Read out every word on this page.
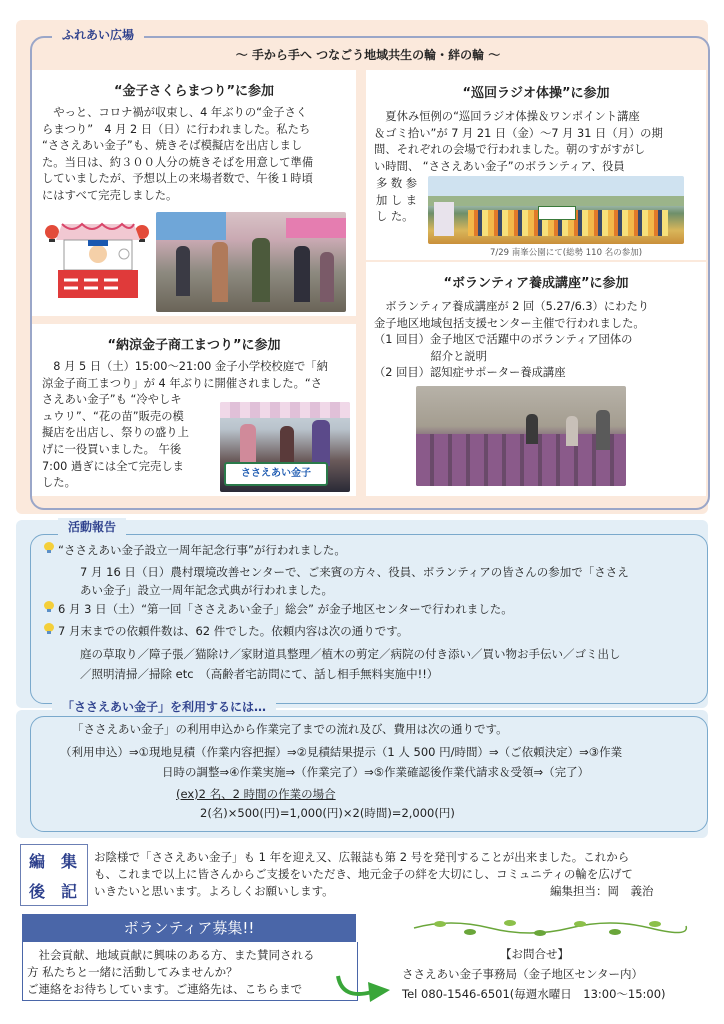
ふれあい広場
～ 手から手へ つなごう地域共生の輪・絆の輪 ～
“金子さくらまつり”に参加
　やっと、コロナ禍が収束し、4 年ぶりの“金子さく
らまつり”　4 月 2 日（日）に行われました。私たち
“ささえあい金子”も、焼きそば模擬店を出店しまし
た。当日は、約３００人分の焼きそばを用意して準備
していましたが、予想以上の来場者数で、午後１時頃
にはすべて完売しました。
“巡回ラジオ体操”に参加
　夏休み恒例の“巡回ラジオ体操＆ワンポイント講座
＆ゴミ拾い”が 7 月 21 日（金）～7 月 31 日（月）の期
間、それぞれの会場で行われました。朝のすがすがし
い時間、 “ささえあい金子”のボランティア、役員
多 数 参
加 し ま
し た。
7/29 南峯公園にて(総勢 110 名の参加)
“納涼金子商工まつり”に参加
　8 月 5 日（土）15:00～21:00 金子小学校校庭で「納
涼金子商工まつり」が 4 年ぶりに開催されました。“さ
さえあい金子”も “冷やしキ
ュウリ”、“花の苗”販売の模
擬店を出店し、祭りの盛り上
げに一役買いました。 午後
7:00 過ぎには全て完売しま
した。
ささえあい金子
“ボランティア養成講座”に参加
　ボランティア養成講座が 2 回（5.27/6.3）にわたり
金子地区地域包括支援センター主催で行われました。
（1 回目）金子地区で活躍中のボランティア団体の
　　　　　紹介と説明
（2 回目）認知症サポーター養成講座
活動報告
“ささえあい金子設立一周年記念行事”が行われました。
7 月 16 日（日）農村環境改善センターで、ご来賓の方々、役員、ボランティアの皆さんの参加で「ささえ
あい金子」設立一周年記念式典が行われました。
6 月 3 日（土）“第一回「ささえあい金子」総会” が金子地区センターで行われました。
7 月末までの依頼件数は、62 件でした。依頼内容は次の通りです。
庭の草取り／障子張／猫除け／家財道具整理／植木の剪定／病院の付き添い／買い物お手伝い／ゴミ出し
／照明清掃／掃除 etc　（高齢者宅訪問にて、話し相手無料実施中!!）
「ささえあい金子」を利用するには…
「ささえあい金子」の利用申込から作業完了までの流れ及び、費用は次の通りです。
（利用申込）⇒①現地見積（作業内容把握）⇒②見積結果提示（1 人 500 円/時間）⇒（ご依頼決定）⇒③作業
日時の調整⇒④作業実施⇒（作業完了）⇒⑤作業確認後作業代請求＆受領⇒（完了）
(ex)2 名、2 時間の作業の場合
2(名)×500(円)=1,000(円)×2(時間)=2,000(円)
編 集
後 記
お陰様で「ささえあい金子」も 1 年を迎え又、広報誌も第 2 号を発刊することが出来ました。これから
も、これまで以上に皆さんからご支援をいただき、地元金子の絆を大切にし、コミュニティの輪を広げて
いきたいと思います。よろしくお願いします。	編集担当：岡　義治
ボランティア募集!!
　社会貢献、地域貢献に興味のある方、また賛同される
方 私たちと一緒に活動してみませんか？
ご連絡をお待ちしています。ご連絡先は、こちらまで
【お問合せ】
ささえあい金子事務局（金子地区センター内）
Tel 080-1546-6501(毎週水曜日　13:00～15:00)
